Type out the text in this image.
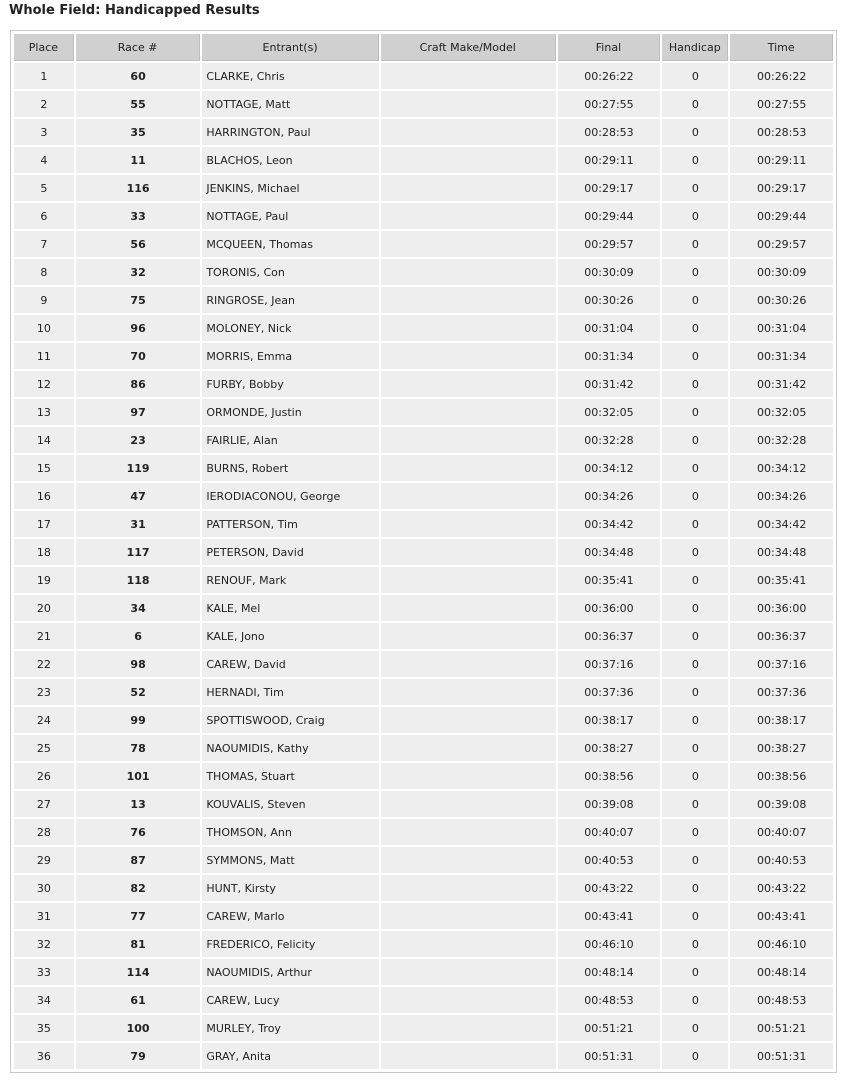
Whole Field: Handicapped Results
Place	Race #	Entrant(s)	Craft Make/Model	Final	Handicap	Time
1	60	CLARKE, Chris		00:26:22	0	00:26:22
2	55	NOTTAGE, Matt		00:27:55	0	00:27:55
3	35	HARRINGTON, Paul		00:28:53	0	00:28:53
4	11	BLACHOS, Leon		00:29:11	0	00:29:11
5	116	JENKINS, Michael		00:29:17	0	00:29:17
6	33	NOTTAGE, Paul		00:29:44	0	00:29:44
7	56	MCQUEEN, Thomas		00:29:57	0	00:29:57
8	32	TORONIS, Con		00:30:09	0	00:30:09
9	75	RINGROSE, Jean		00:30:26	0	00:30:26
10	96	MOLONEY, Nick		00:31:04	0	00:31:04
11	70	MORRIS, Emma		00:31:34	0	00:31:34
12	86	FURBY, Bobby		00:31:42	0	00:31:42
13	97	ORMONDE, Justin		00:32:05	0	00:32:05
14	23	FAIRLIE, Alan		00:32:28	0	00:32:28
15	119	BURNS, Robert		00:34:12	0	00:34:12
16	47	IERODIACONOU, George		00:34:26	0	00:34:26
17	31	PATTERSON, Tim		00:34:42	0	00:34:42
18	117	PETERSON, David		00:34:48	0	00:34:48
19	118	RENOUF, Mark		00:35:41	0	00:35:41
20	34	KALE, Mel		00:36:00	0	00:36:00
21	6	KALE, Jono		00:36:37	0	00:36:37
22	98	CAREW, David		00:37:16	0	00:37:16
23	52	HERNADI, Tim		00:37:36	0	00:37:36
24	99	SPOTTISWOOD, Craig		00:38:17	0	00:38:17
25	78	NAOUMIDIS, Kathy		00:38:27	0	00:38:27
26	101	THOMAS, Stuart		00:38:56	0	00:38:56
27	13	KOUVALIS, Steven		00:39:08	0	00:39:08
28	76	THOMSON, Ann		00:40:07	0	00:40:07
29	87	SYMMONS, Matt		00:40:53	0	00:40:53
30	82	HUNT, Kirsty		00:43:22	0	00:43:22
31	77	CAREW, Marlo		00:43:41	0	00:43:41
32	81	FREDERICO, Felicity		00:46:10	0	00:46:10
33	114	NAOUMIDIS, Arthur		00:48:14	0	00:48:14
34	61	CAREW, Lucy		00:48:53	0	00:48:53
35	100	MURLEY, Troy		00:51:21	0	00:51:21
36	79	GRAY, Anita		00:51:31	0	00:51:31
